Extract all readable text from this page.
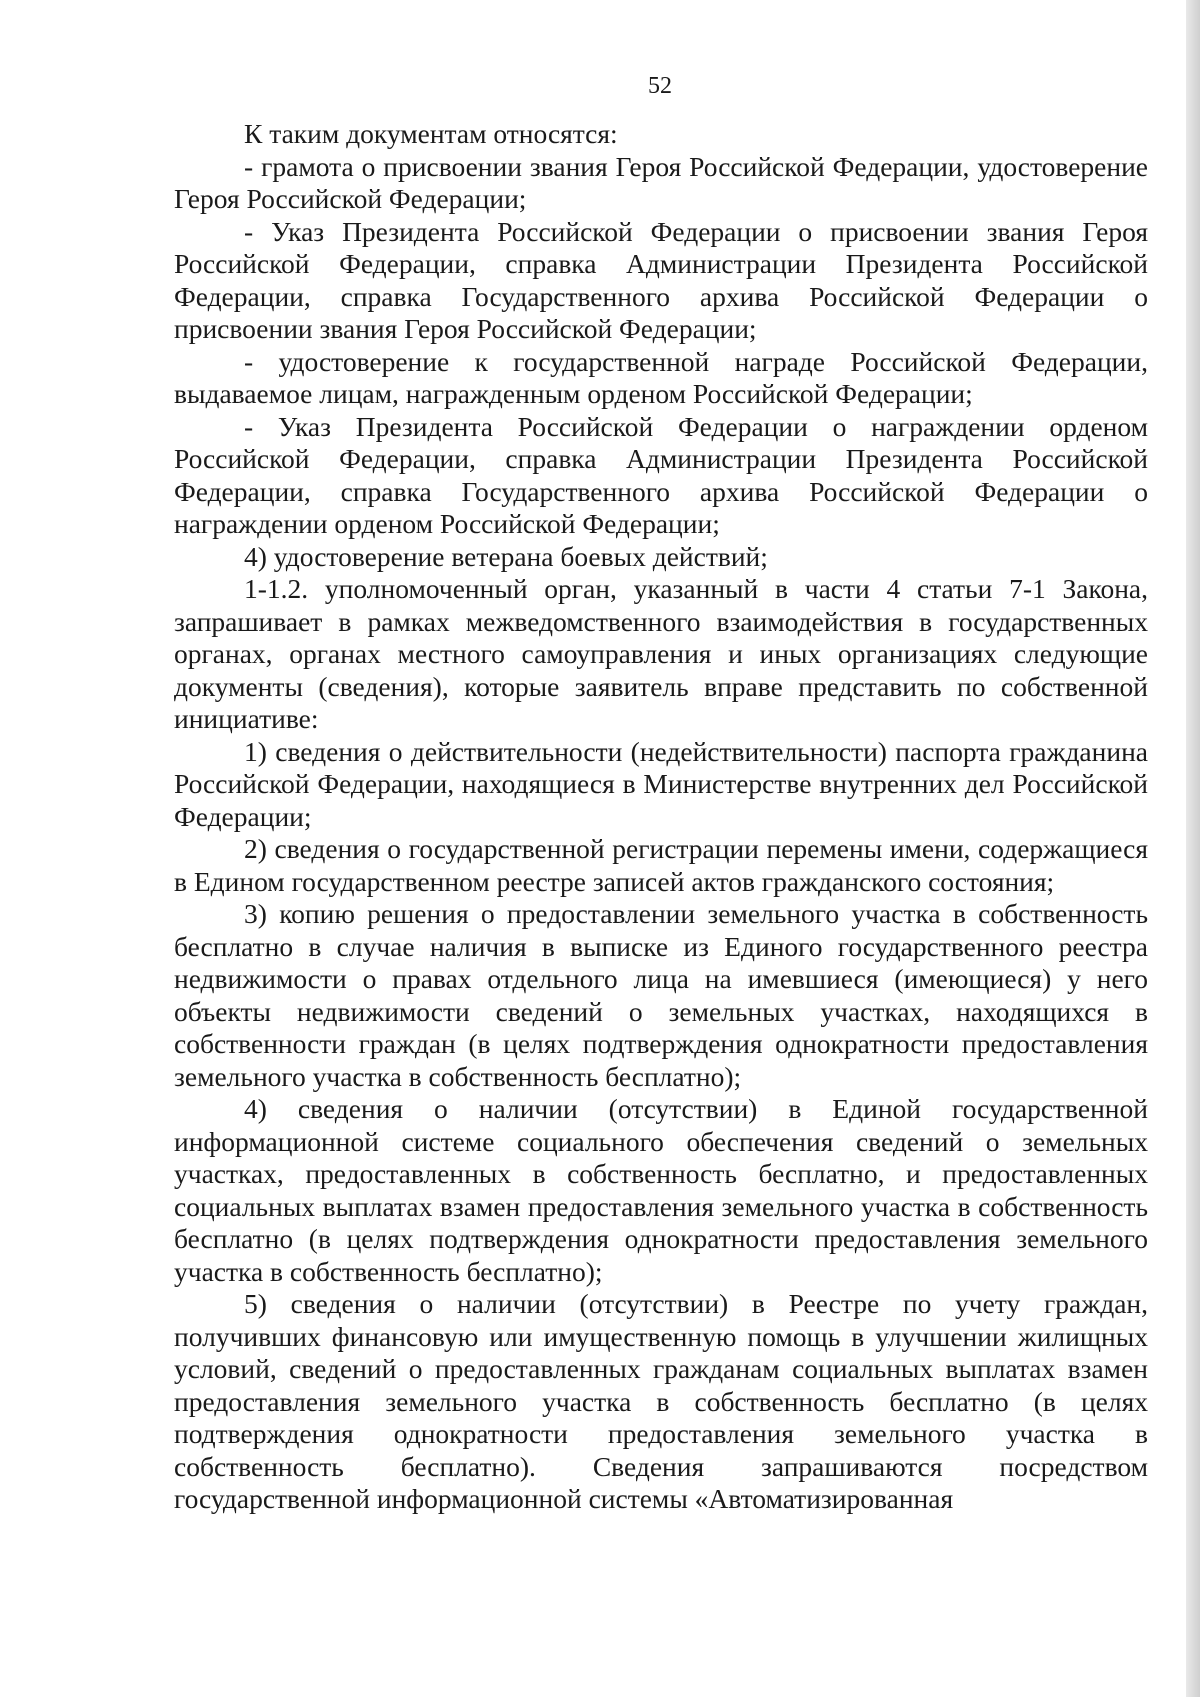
52

К таким документам относятся:

- грамота о присвоении звания Героя Российской Федерации, удостоверение Героя Российской Федерации;

- Указ Президента Российской Федерации о присвоении звания Героя Российской Федерации, справка Администрации Президента Российской Федерации, справка Государственного архива Российской Федерации о присвоении звания Героя Российской Федерации;

- удостоверение к государственной награде Российской Федерации, выдаваемое лицам, награжденным орденом Российской Федерации;

- Указ Президента Российской Федерации о награждении орденом Российской Федерации, справка Администрации Президента Российской Федерации, справка Государственного архива Российской Федерации о награждении орденом Российской Федерации;

4) удостоверение ветерана боевых действий;

1-1.2. уполномоченный орган, указанный в части 4 статьи 7-1 Закона, запрашивает в рамках межведомственного взаимодействия в государственных органах, органах местного самоуправления и иных организациях следующие документы (сведения), которые заявитель вправе представить по собственной инициативе:

1) сведения о действительности (недействительности) паспорта гражданина Российской Федерации, находящиеся в Министерстве внутренних дел Российской Федерации;

2) сведения о государственной регистрации перемены имени, содержащиеся в Едином государственном реестре записей актов гражданского состояния;

3) копию решения о предоставлении земельного участка в собственность бесплатно в случае наличия в выписке из Единого государственного реестра недвижимости о правах отдельного лица на имевшиеся (имеющиеся) у него объекты недвижимости сведений о земельных участках, находящихся в собственности граждан (в целях подтверждения однократности предоставления земельного участка в собственность бесплатно);

4) сведения о наличии (отсутствии) в Единой государственной информационной системе социального обеспечения сведений о земельных участках, предоставленных в собственность бесплатно, и предоставленных социальных выплатах взамен предоставления земельного участка в собственность бесплатно (в целях подтверждения однократности предоставления земельного участка в собственность бесплатно);

5) сведения о наличии (отсутствии) в Реестре по учету граждан, получивших финансовую или имущественную помощь в улучшении жилищных условий, сведений о предоставленных гражданам социальных выплатах взамен предоставления земельного участка в собственность бесплатно (в целях подтверждения однократности предоставления земельного участка в собственность бесплатно). Сведения запрашиваются посредством государственной информационной системы «Автоматизированная
